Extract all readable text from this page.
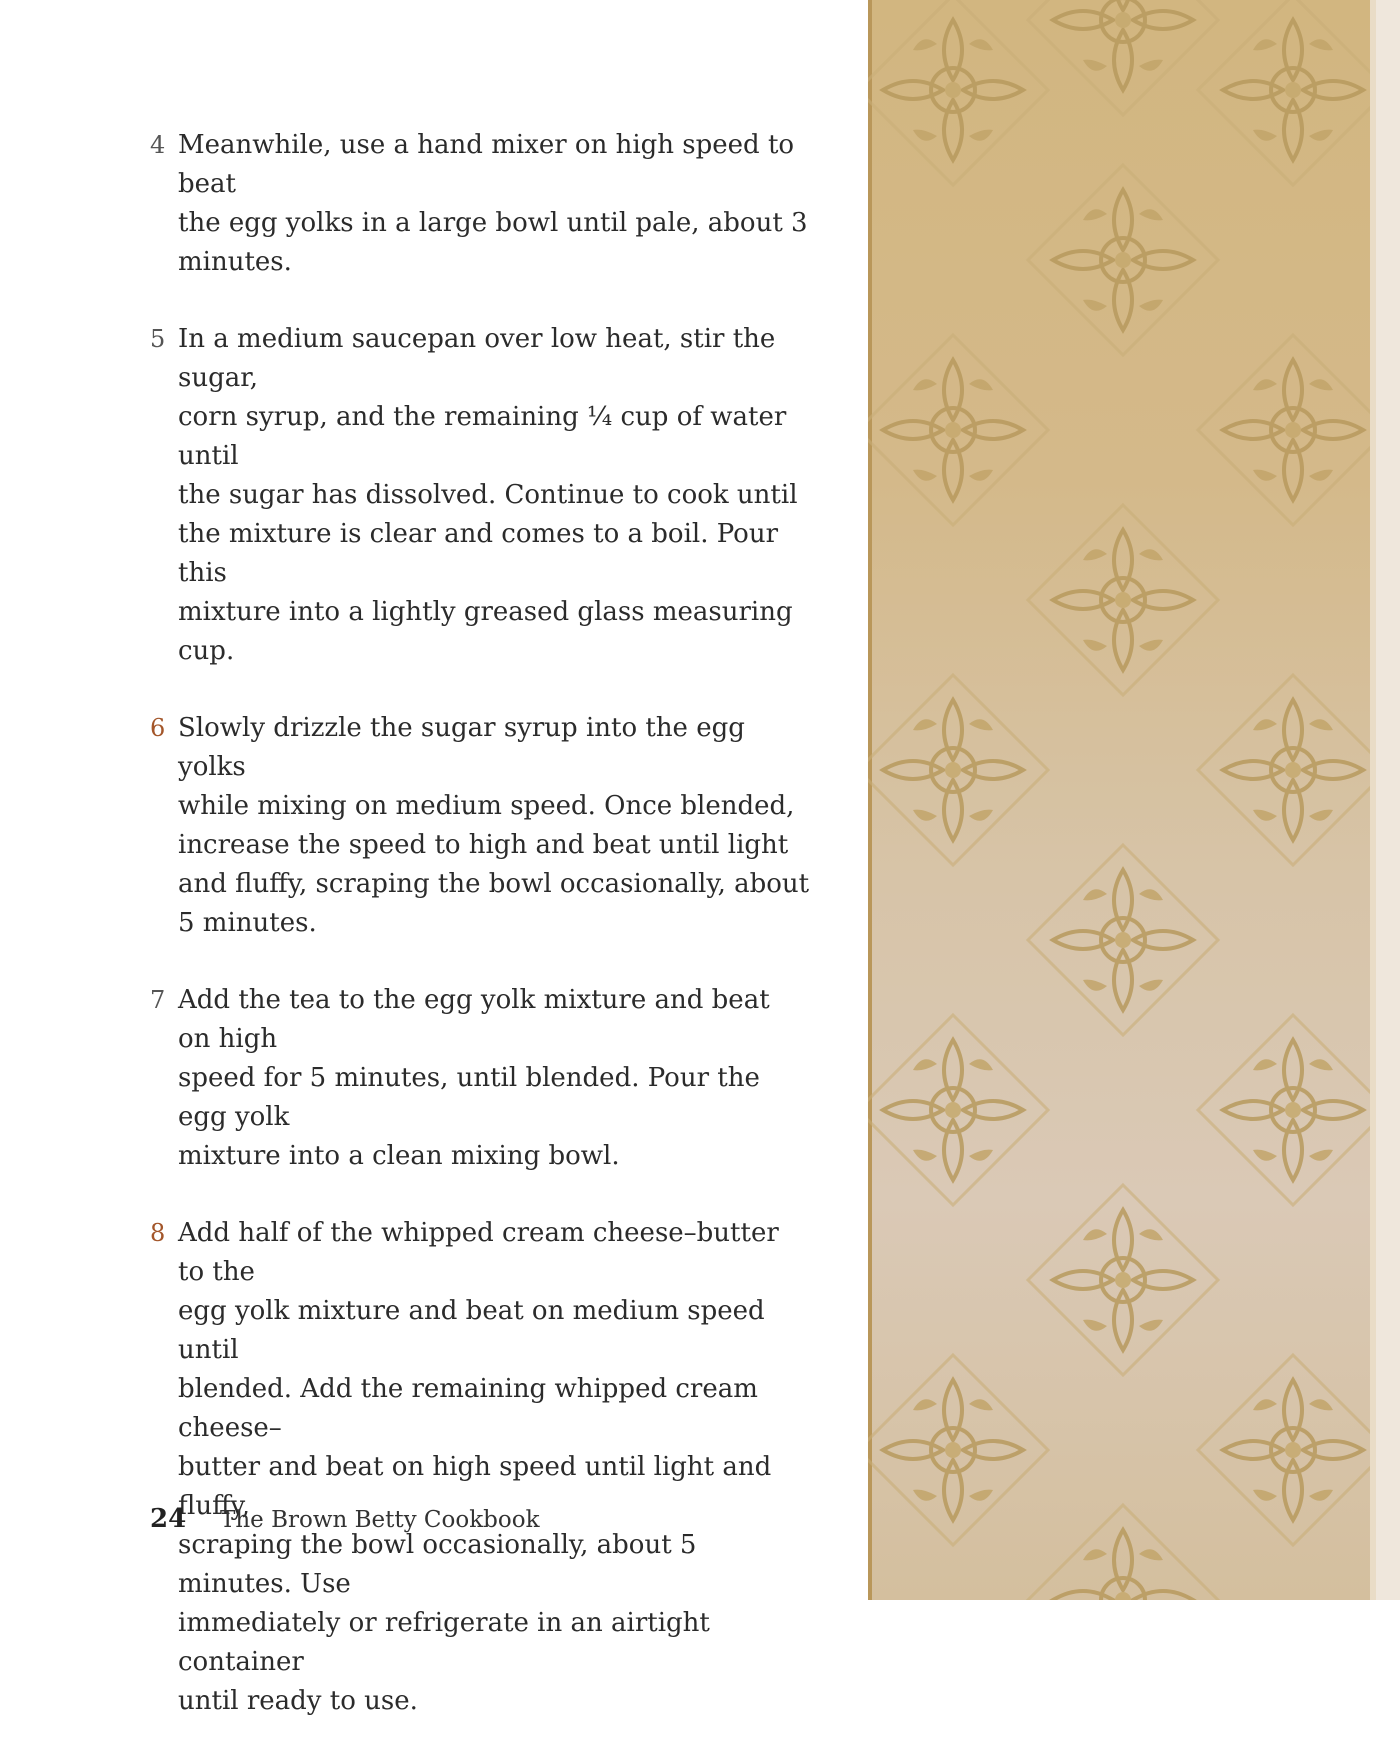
4 Meanwhile, use a hand mixer on high speed to beat
the egg yolks in a large bowl until pale, about 3
minutes.
5 In a medium saucepan over low heat, stir the sugar,
corn syrup, and the remaining ¼ cup of water until
the sugar has dissolved. Continue to cook until
the mixture is clear and comes to a boil. Pour this
mixture into a lightly greased glass measuring cup.
6 Slowly drizzle the sugar syrup into the egg yolks
while mixing on medium speed. Once blended,
increase the speed to high and beat until light
and fluffy, scraping the bowl occasionally, about
5 minutes.
7 Add the tea to the egg yolk mixture and beat on high
speed for 5 minutes, until blended. Pour the egg yolk
mixture into a clean mixing bowl.
8 Add half of the whipped cream cheese–butter to the
egg yolk mixture and beat on medium speed until
blended. Add the remaining whipped cream cheese–
butter and beat on high speed until light and fluffy,
scraping the bowl occasionally, about 5 minutes. Use
immediately or refrigerate in an airtight container
until ready to use.
24	The Brown Betty Cookbook
